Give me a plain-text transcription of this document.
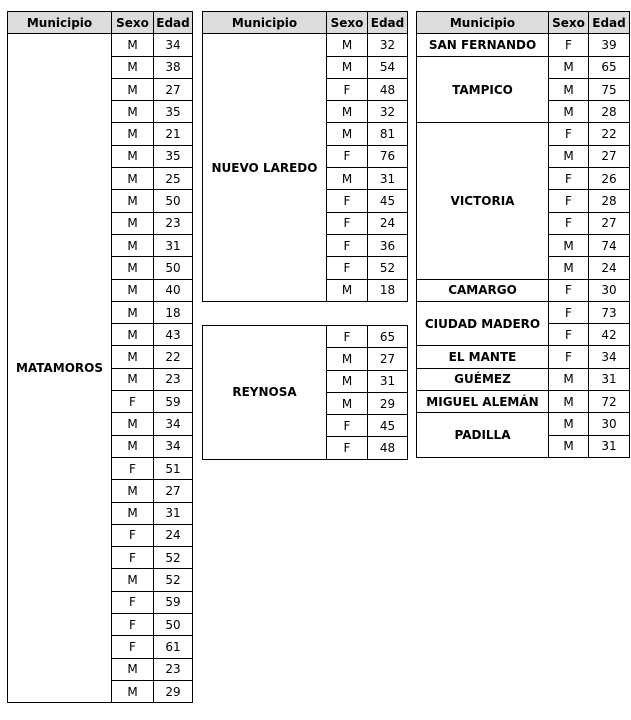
Municipio	Sexo	Edad
MATAMOROS	M	34
	M	38
	M	27
	M	35
	M	21
	M	35
	M	25
	M	50
	M	23
	M	31
	M	50
	M	40
	M	18
	M	43
	M	22
	M	23
	F	59
	M	34
	M	34
	F	51
	M	27
	M	31
	F	24
	F	52
	M	52
	F	59
	F	50
	F	61
	M	23
	M	29
Municipio	Sexo	Edad
NUEVO LAREDO	M	32
	M	54
	F	48
	M	32
	M	81
	F	76
	M	31
	F	45
	F	24
	F	36
	F	52
	M	18
REYNOSA	F	65
	M	27
	M	31
	M	29
	F	45
	F	48
Municipio	Sexo	Edad
SAN FERNANDO	F	39
TAMPICO	M	65
	M	75
	M	28
VICTORIA	F	22
	M	27
	F	26
	F	28
	F	27
	M	74
	M	24
CAMARGO	F	30
CIUDAD MADERO	F	73
	F	42
EL MANTE	F	34
GUÉMEZ	M	31
MIGUEL ALEMÁN	M	72
PADILLA	M	30
	M	31
